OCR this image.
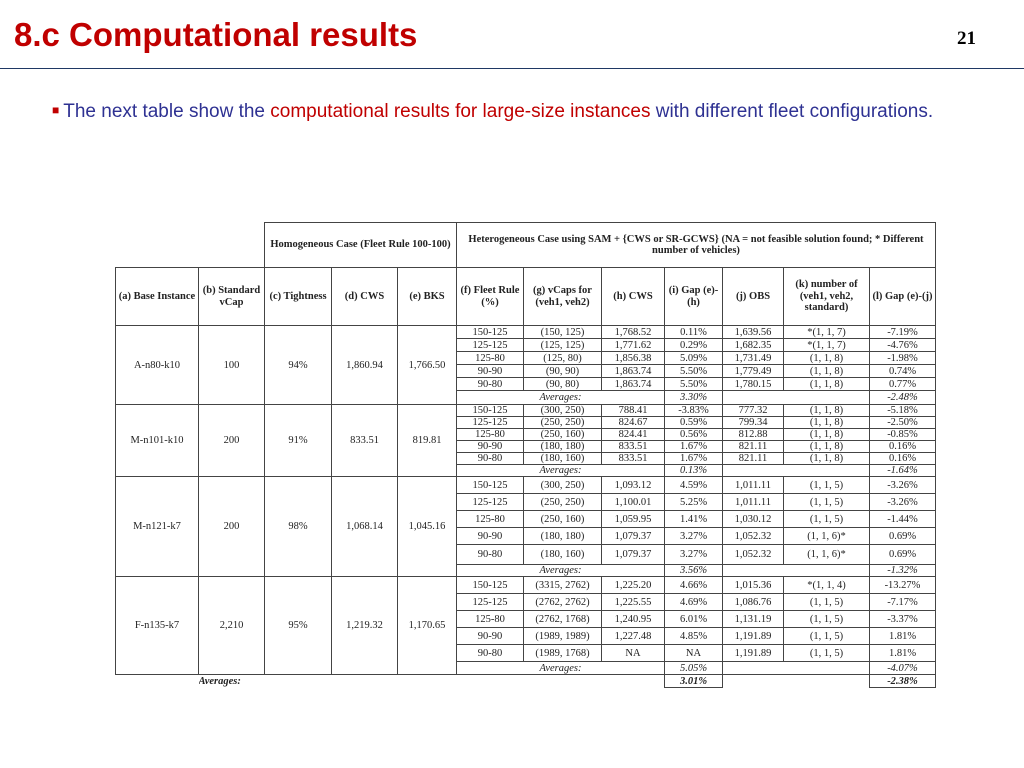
8.c Computational results	21
■ The next table show the computational results for large-size instances with different fleet configurations.
		Homogeneous Case (Fleet Rule 100-100)			Heterogeneous Case using SAM + {CWS or SR-GCWS} (NA = not feasible solution found; * Different number of vehicles)						
(a) Base Instance	(b) Standard vCap	(c) Tightness	(d) CWS	(e) BKS	(f) Fleet Rule (%)	(g) vCaps for (veh1, veh2)	(h) CWS	(i) Gap (e)-(h)	(j) OBS	(k) number of (veh1, veh2, standard)	(l) Gap (e)-(j)
A-n80-k10	100	94%	1,860.94	1,766.50	150-125	(150, 125)	1,768.52	0.11%	1,639.56	*(1, 1, 7)	-7.19%
					125-125	(125, 125)	1,771.62	0.29%	1,682.35	*(1, 1, 7)	-4.76%
					125-80	(125, 80)	1,856.38	5.09%	1,731.49	(1, 1, 8)	-1.98%
					90-90	(90, 90)	1,863.74	5.50%	1,779.49	(1, 1, 8)	0.74%
					90-80	(90, 80)	1,863.74	5.50%	1,780.15	(1, 1, 8)	0.77%
					Averages:			3.30%			-2.48%
M-n101-k10	200	91%	833.51	819.81	150-125	(300, 250)	788.41	-3.83%	777.32	(1, 1, 8)	-5.18%
					125-125	(250, 250)	824.67	0.59%	799.34	(1, 1, 8)	-2.50%
					125-80	(250, 160)	824.41	0.56%	812.88	(1, 1, 8)	-0.85%
					90-90	(180, 180)	833.51	1.67%	821.11	(1, 1, 8)	0.16%
					90-80	(180, 160)	833.51	1.67%	821.11	(1, 1, 8)	0.16%
					Averages:			0.13%			-1.64%
M-n121-k7	200	98%	1,068.14	1,045.16	150-125	(300, 250)	1,093.12	4.59%	1,011.11	(1, 1, 5)	-3.26%
					125-125	(250, 250)	1,100.01	5.25%	1,011.11	(1, 1, 5)	-3.26%
					125-80	(250, 160)	1,059.95	1.41%	1,030.12	(1, 1, 5)	-1.44%
					90-90	(180, 180)	1,079.37	3.27%	1,052.32	(1, 1, 6)*	0.69%
					90-80	(180, 160)	1,079.37	3.27%	1,052.32	(1, 1, 6)*	0.69%
					Averages:			3.56%			-1.32%
F-n135-k7	2,210	95%	1,219.32	1,170.65	150-125	(3315, 2762)	1,225.20	4.66%	1,015.36	*(1, 1, 4)	-13.27%
					125-125	(2762, 2762)	1,225.55	4.69%	1,086.76	(1, 1, 5)	-7.17%
					125-80	(2762, 1768)	1,240.95	6.01%	1,131.19	(1, 1, 5)	-3.37%
					90-90	(1989, 1989)	1,227.48	4.85%	1,191.89	(1, 1, 5)	1.81%
					90-80	(1989, 1768)	NA	NA	1,191.89	(1, 1, 5)	1.81%
					Averages:			5.05%			-4.07%
	Averages:							3.01%			-2.38%
